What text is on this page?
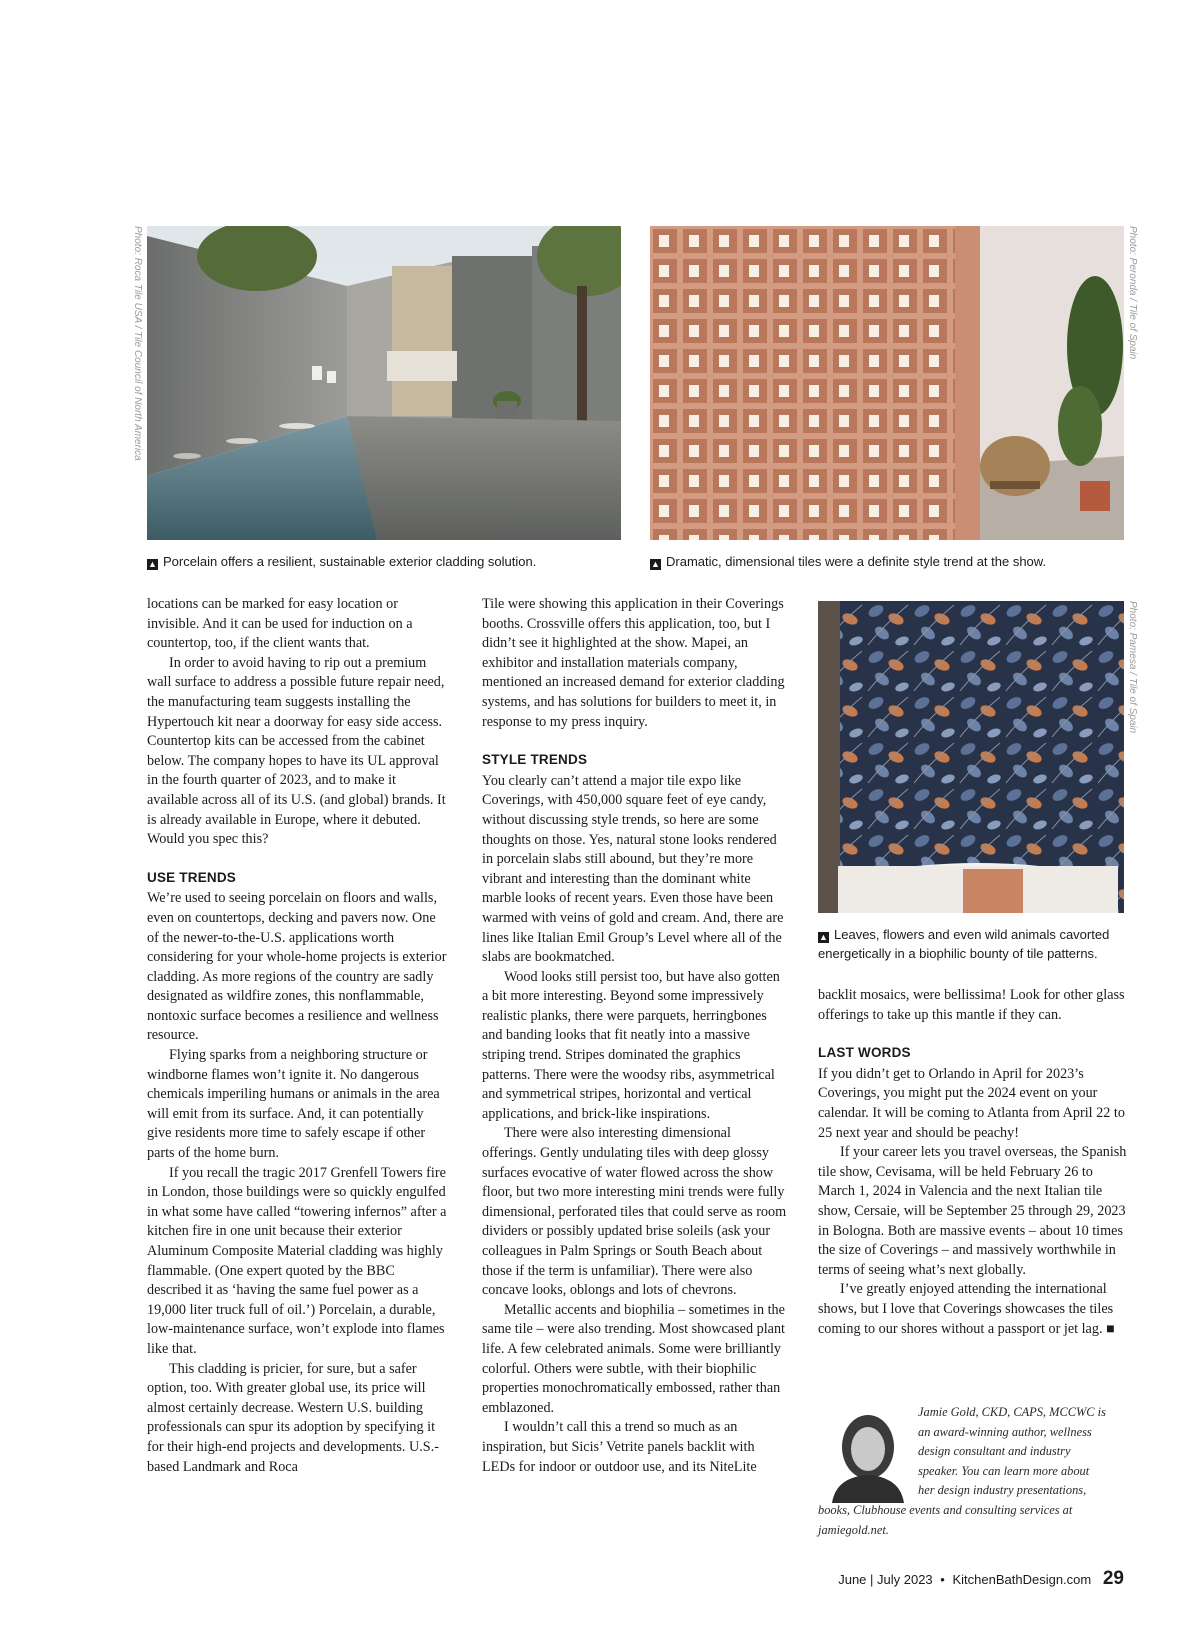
Photo: Roca Tile USA / Tile Council of North America
▲ Porcelain offers a resilient, sustainable exterior cladding solution.
Photo: Peronda / Tile of Spain
▲ Dramatic, dimensional tiles were a definite style trend at the show.
Photo: Pamesa / Tile of Spain
▲ Leaves, flowers and even wild animals cavorted energetically in a biophilic bounty of tile patterns.

locations can be marked for easy location or invisible. And it can be used for induction on a countertop, too, if the client wants that.

In order to avoid having to rip out a premium wall surface to address a possible future repair need, the manufacturing team suggests installing the Hypertouch kit near a doorway for easy side access. Countertop kits can be accessed from the cabinet below. The company hopes to have its UL approval in the fourth quarter of 2023, and to make it available across all of its U.S. (and global) brands. It is already available in Europe, where it debuted. Would you spec this?

USE TRENDS

We’re used to seeing porcelain on floors and walls, even on countertops, decking and pavers now. One of the newer-to-the-U.S. applications worth considering for your whole-home projects is exterior cladding. As more regions of the country are sadly designated as wildfire zones, this nonflammable, nontoxic surface becomes a resilience and wellness resource.

Flying sparks from a neighboring structure or windborne flames won’t ignite it. No dangerous chemicals imperiling humans or animals in the area will emit from its surface. And, it can potentially give residents more time to safely escape if other parts of the home burn.

If you recall the tragic 2017 Grenfell Towers fire in London, those buildings were so quickly engulfed in what some have called “towering infernos” after a kitchen fire in one unit because their exterior Aluminum Composite Material cladding was highly flammable. (One expert quoted by the BBC described it as ‘having the same fuel power as a 19,000 liter truck full of oil.’) Porcelain, a durable, low-maintenance surface, won’t explode into flames like that.

This cladding is pricier, for sure, but a safer option, too. With greater global use, its price will almost certainly decrease. Western U.S. building professionals can spur its adoption by specifying it for their high-end projects and developments. U.S.-based Landmark and Roca

Tile were showing this application in their Coverings booths. Crossville offers this application, too, but I didn’t see it highlighted at the show. Mapei, an exhibitor and installation materials company, mentioned an increased demand for exterior cladding systems, and has solutions for builders to meet it, in response to my press inquiry.

STYLE TRENDS

You clearly can’t attend a major tile expo like Coverings, with 450,000 square feet of eye candy, without discussing style trends, so here are some thoughts on those. Yes, natural stone looks rendered in porcelain slabs still abound, but they’re more vibrant and interesting than the dominant white marble looks of recent years. Even those have been warmed with veins of gold and cream. And, there are lines like Italian Emil Group’s Level where all of the slabs are bookmatched.

Wood looks still persist too, but have also gotten a bit more interesting. Beyond some impressively realistic planks, there were parquets, herringbones and banding looks that fit neatly into a massive striping trend. Stripes dominated the graphics patterns. There were the woodsy ribs, asymmetrical and symmetrical stripes, horizontal and vertical applications, and brick-like inspirations.

There were also interesting dimensional offerings. Gently undulating tiles with deep glossy surfaces evocative of water flowed across the show floor, but two more interesting mini trends were fully dimensional, perforated tiles that could serve as room dividers or possibly updated brise soleils (ask your colleagues in Palm Springs or South Beach about those if the term is unfamiliar). There were also concave looks, oblongs and lots of chevrons.

Metallic accents and biophilia – sometimes in the same tile – were also trending. Most showcased plant life. A few celebrated animals. Some were brilliantly colorful. Others were subtle, with their biophilic properties monochromatically embossed, rather than emblazoned.

I wouldn’t call this a trend so much as an inspiration, but Sicis’ Vetrite panels backlit with LEDs for indoor or outdoor use, and its NiteLite

backlit mosaics, were bellissima! Look for other glass offerings to take up this mantle if they can.

LAST WORDS

If you didn’t get to Orlando in April for 2023’s Coverings, you might put the 2024 event on your calendar. It will be coming to Atlanta from April 22 to 25 next year and should be peachy!

If your career lets you travel overseas, the Spanish tile show, Cevisama, will be held February 26 to March 1, 2024 in Valencia and the next Italian tile show, Cersaie, will be September 25 through 29, 2023 in Bologna. Both are massive events – about 10 times the size of Coverings – and massively worthwhile in terms of seeing what’s next globally.

I’ve greatly enjoyed attending the international shows, but I love that Coverings showcases the tiles coming to our shores without a passport or jet lag. ■

Jamie Gold, CKD, CAPS, MCCWC is
an award-winning author, wellness
design consultant and industry
speaker. You can learn more about
her design industry presentations,
books, Clubhouse events and consulting services at
jamiegold.net.
June | July 2023 • KitchenBathDesign.com 29
